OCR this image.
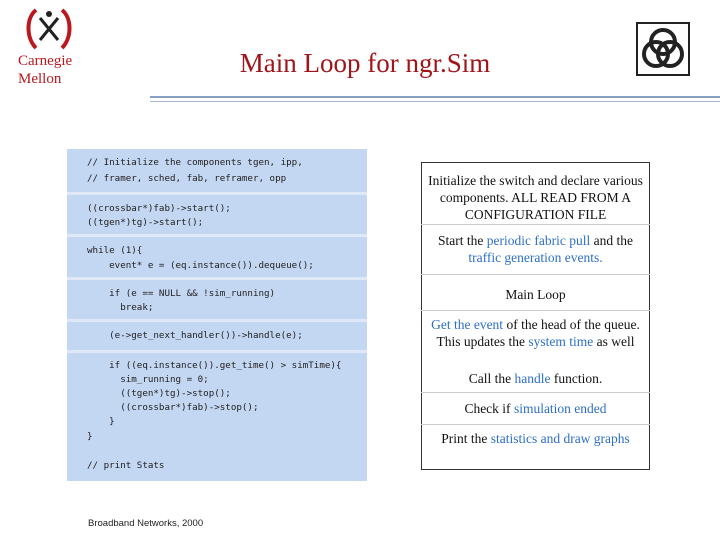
Carnegie Mellon
Main Loop for ngr.Sim
// Initialize the components tgen, ipp,
// framer, sched, fab, reframer, opp
((crossbar*)fab)->start();
((tgen*)tg)->start();
while (1){
event* e = (eq.instance()).dequeue();
if (e == NULL && !sim_running)
break;
(e->get_next_handler())->handle(e);
if ((eq.instance()).get_time() > simTime){
sim_running = 0;
((tgen*)tg)->stop();
((crossbar*)fab)->stop();
}
}
// print Stats
Initialize the switch and declare various components. ALL READ FROM A CONFIGURATION FILE
Start the periodic fabric pull and the traffic generation events.
Main Loop
Get the event of the head of the queue. This updates the system time as well
Call the handle function.
Check if simulation ended
Print the statistics and draw graphs
Broadband Networks, 2000
